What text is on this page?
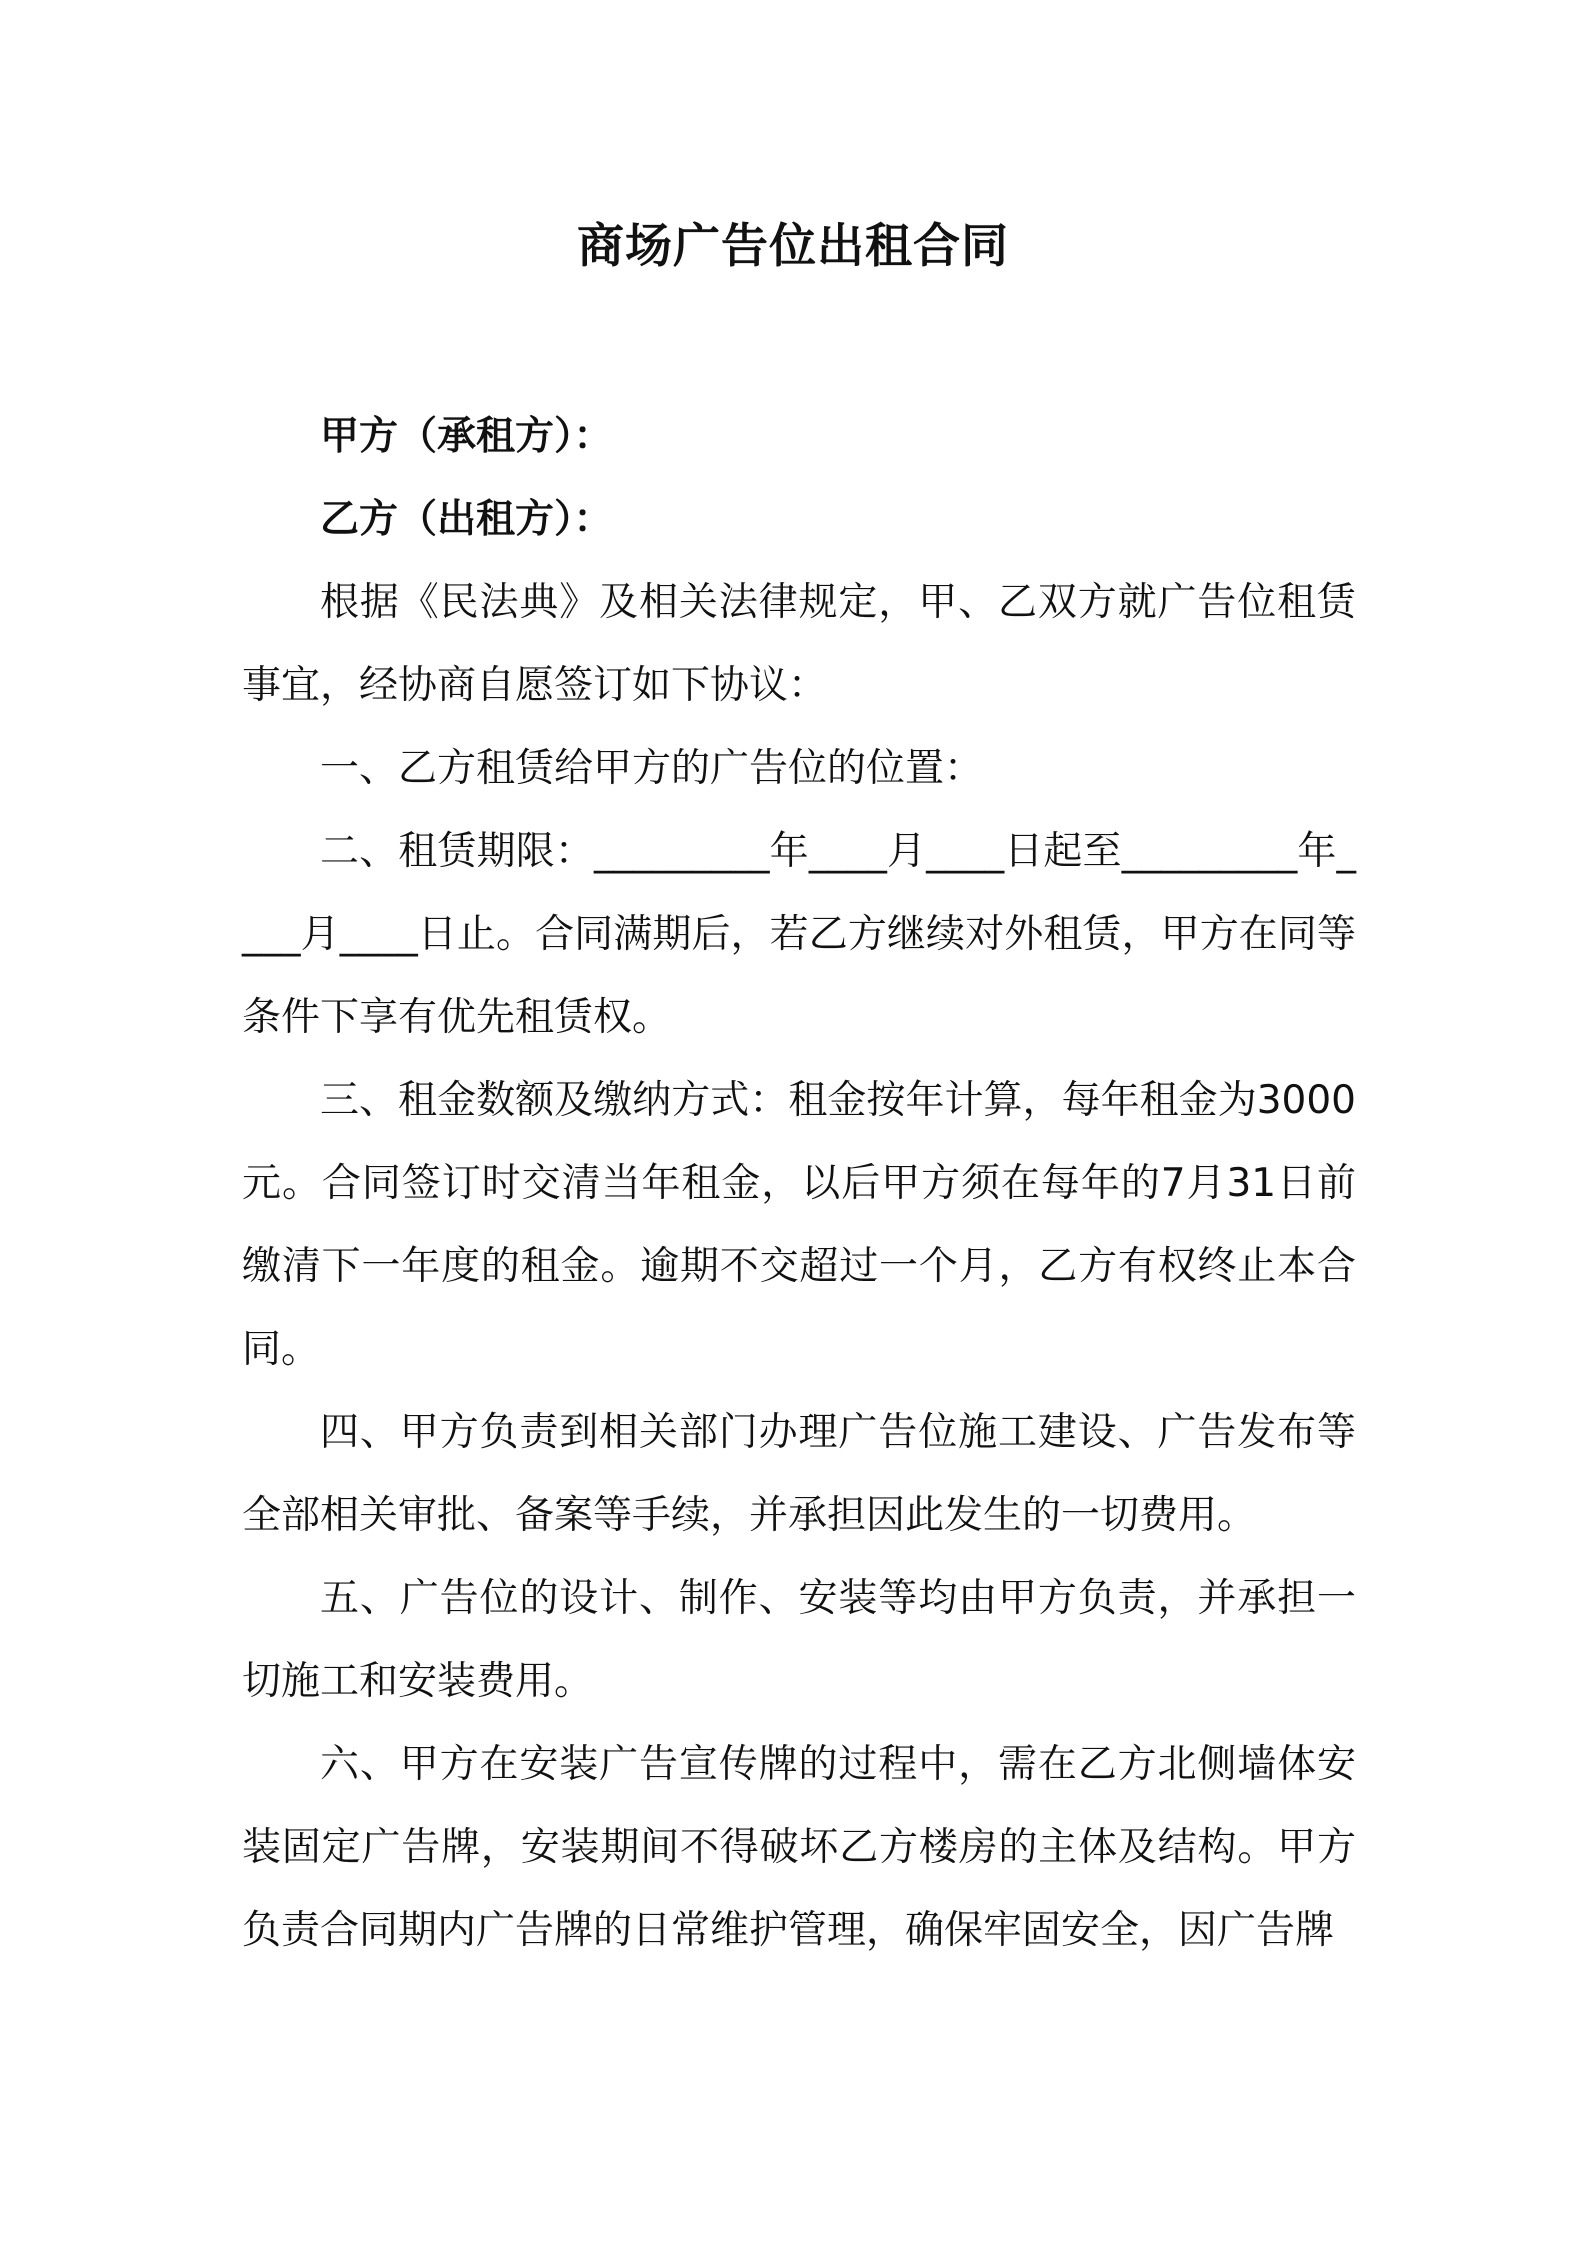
商场广告位出租合同

甲方（承租方）：

乙方（出租方）：

根据《民法典》及相关法律规定，甲、乙双方就广告位租赁事宜，经协商自愿签订如下协议：

一、乙方租赁给甲方的广告位的位置：

二、租赁期限：_________年____月____日起至_________年____月____日止。合同满期后，若乙方继续对外租赁，甲方在同等条件下享有优先租赁权。

三、租金数额及缴纳方式：租金按年计算，每年租金为3000元。合同签订时交清当年租金，以后甲方须在每年的7月31日前缴清下一年度的租金。逾期不交超过一个月，乙方有权终止本合同。

四、甲方负责到相关部门办理广告位施工建设、广告发布等全部相关审批、备案等手续，并承担因此发生的一切费用。

五、广告位的设计、制作、安装等均由甲方负责，并承担一切施工和安装费用。

六、甲方在安装广告宣传牌的过程中，需在乙方北侧墙体安装固定广告牌，安装期间不得破坏乙方楼房的主体及结构。甲方负责合同期内广告牌的日常维护管理，确保牢固安全，因广告牌
